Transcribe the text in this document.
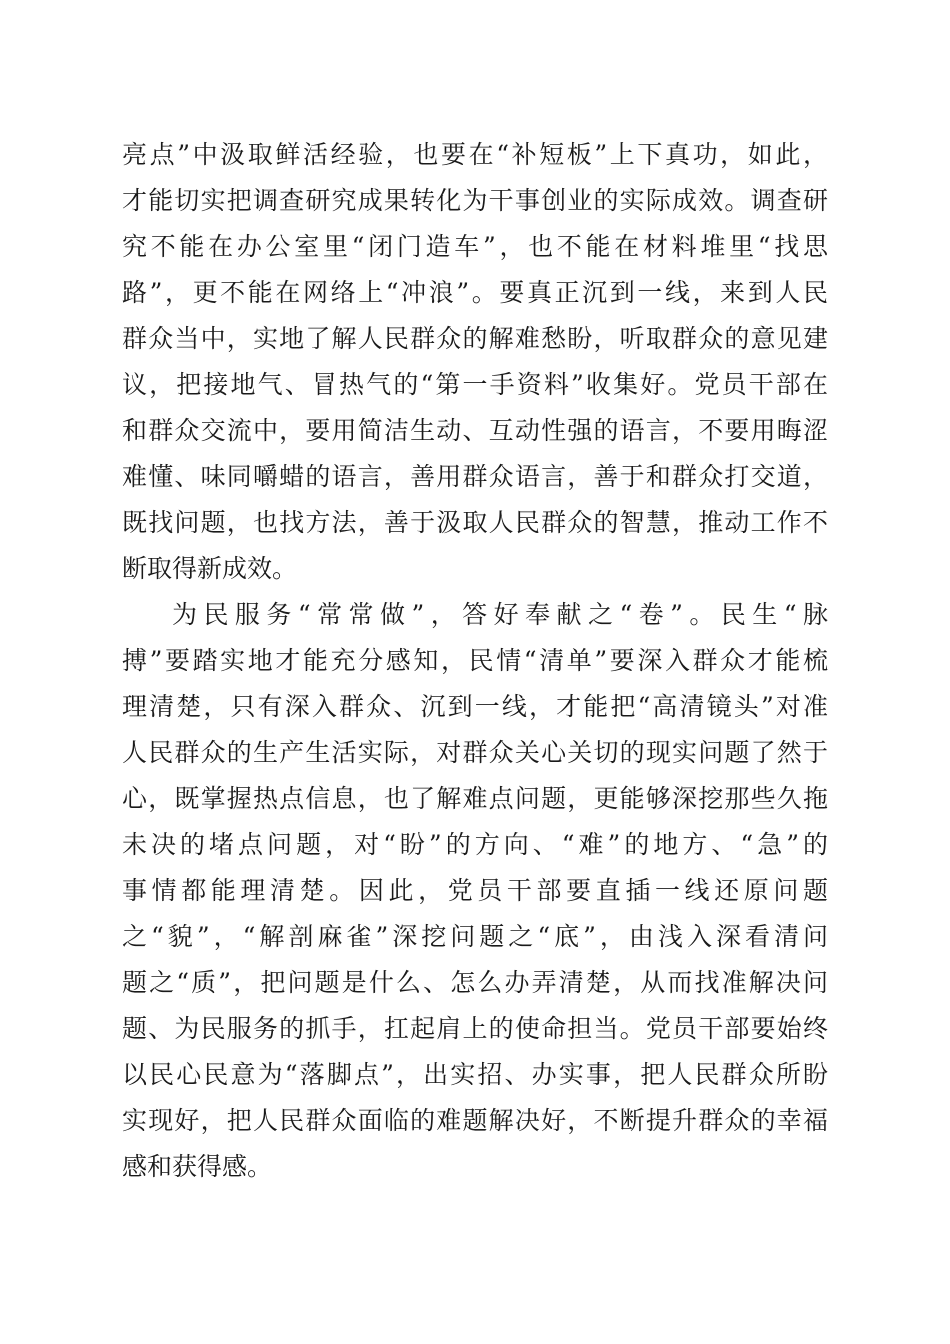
亮点”中汲取鲜活经验，也要在“补短板”上下真功，如此，
才能切实把调查研究成果转化为干事创业的实际成效。调查研
究不能在办公室里“闭门造车”，也不能在材料堆里“找思
路”，更不能在网络上“冲浪”。要真正沉到一线，来到人民
群众当中，实地了解人民群众的解难愁盼，听取群众的意见建
议，把接地气、冒热气的“第一手资料”收集好。党员干部在
和群众交流中，要用简洁生动、互动性强的语言，不要用晦涩
难懂、味同嚼蜡的语言，善用群众语言，善于和群众打交道，
既找问题，也找方法，善于汲取人民群众的智慧，推动工作不
断取得新成效。
为民服务“常常做”，答好奉献之“卷”。民生“脉
搏”要踏实地才能充分感知，民情“清单”要深入群众才能梳
理清楚，只有深入群众、沉到一线，才能把“高清镜头”对准
人民群众的生产生活实际，对群众关心关切的现实问题了然于
心，既掌握热点信息，也了解难点问题，更能够深挖那些久拖
未决的堵点问题，对“盼”的方向、“难”的地方、“急”的
事情都能理清楚。因此，党员干部要直插一线还原问题
之“貌”，“解剖麻雀”深挖问题之“底”，由浅入深看清问
题之“质”，把问题是什么、怎么办弄清楚，从而找准解决问
题、为民服务的抓手，扛起肩上的使命担当。党员干部要始终
以民心民意为“落脚点”，出实招、办实事，把人民群众所盼
实现好，把人民群众面临的难题解决好，不断提升群众的幸福
感和获得感。
